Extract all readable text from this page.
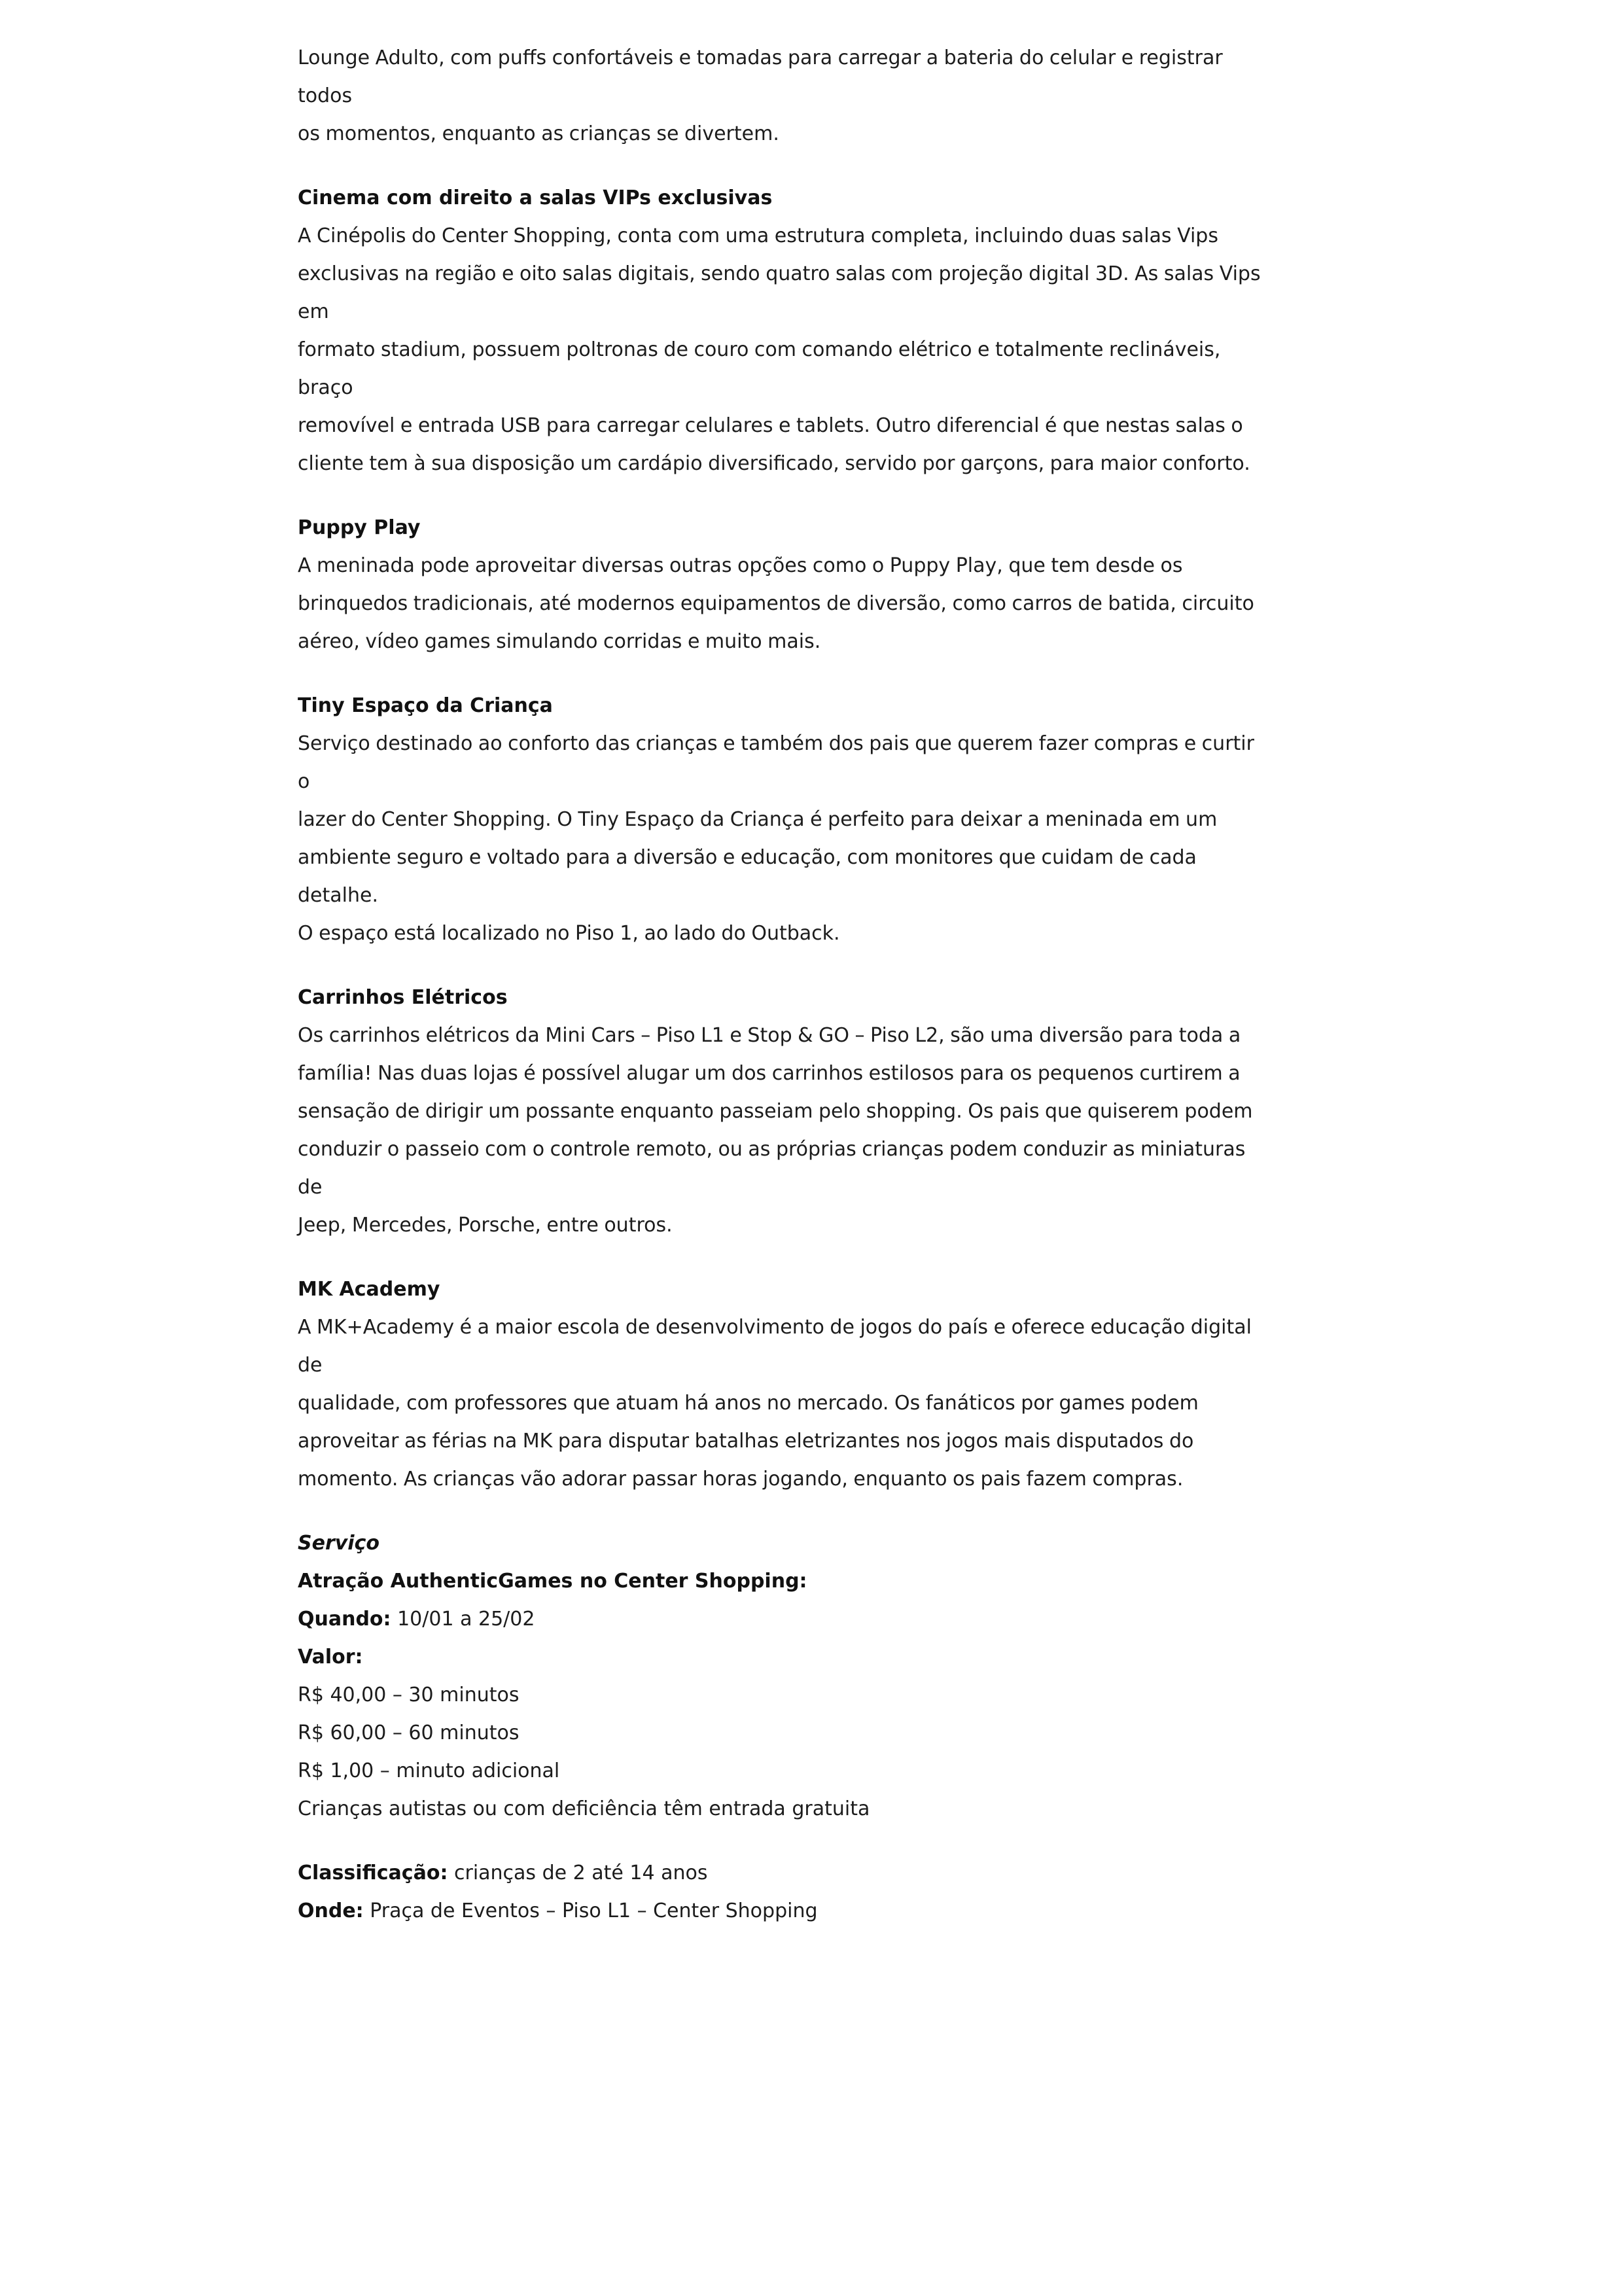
Lounge Adulto, com puffs confortáveis e tomadas para carregar a bateria do celular e registrar todos

os momentos, enquanto as crianças se divertem.

Cinema com direito a salas VIPs exclusivas

A Cinépolis do Center Shopping, conta com uma estrutura completa, incluindo duas salas Vips

exclusivas na região e oito salas digitais, sendo quatro salas com projeção digital 3D. As salas Vips em

formato stadium, possuem poltronas de couro com comando elétrico e totalmente reclináveis, braço

removível e entrada USB para carregar celulares e tablets. Outro diferencial é que nestas salas o

cliente tem à sua disposição um cardápio diversificado, servido por garçons, para maior conforto.

Puppy Play

A meninada pode aproveitar diversas outras opções como o Puppy Play, que tem desde os

brinquedos tradicionais, até modernos equipamentos de diversão, como carros de batida, circuito

aéreo, vídeo games simulando corridas e muito mais.

Tiny Espaço da Criança

Serviço destinado ao conforto das crianças e também dos pais que querem fazer compras e curtir o

lazer do Center Shopping. O Tiny Espaço da Criança é perfeito para deixar a meninada em um

ambiente seguro e voltado para a diversão e educação, com monitores que cuidam de cada detalhe.

O espaço está localizado no Piso 1, ao lado do Outback.

Carrinhos Elétricos

Os carrinhos elétricos da Mini Cars – Piso L1 e Stop & GO – Piso L2, são uma diversão para toda a

família! Nas duas lojas é possível alugar um dos carrinhos estilosos para os pequenos curtirem a

sensação de dirigir um possante enquanto passeiam pelo shopping. Os pais que quiserem podem

conduzir o passeio com o controle remoto, ou as próprias crianças podem conduzir as miniaturas de

Jeep, Mercedes, Porsche, entre outros.

MK Academy

A MK+Academy é a maior escola de desenvolvimento de jogos do país e oferece educação digital de

qualidade, com professores que atuam há anos no mercado. Os fanáticos por games podem

aproveitar as férias na MK para disputar batalhas eletrizantes nos jogos mais disputados do

momento. As crianças vão adorar passar horas jogando, enquanto os pais fazem compras.

Serviço

Atração AuthenticGames no Center Shopping:

Quando: 10/01 a 25/02

Valor:

R$ 40,00 – 30 minutos

R$ 60,00 – 60 minutos

R$ 1,00 – minuto adicional

Crianças autistas ou com deficiência têm entrada gratuita

Classificação: crianças de 2 até 14 anos

Onde: Praça de Eventos – Piso L1 – Center Shopping
